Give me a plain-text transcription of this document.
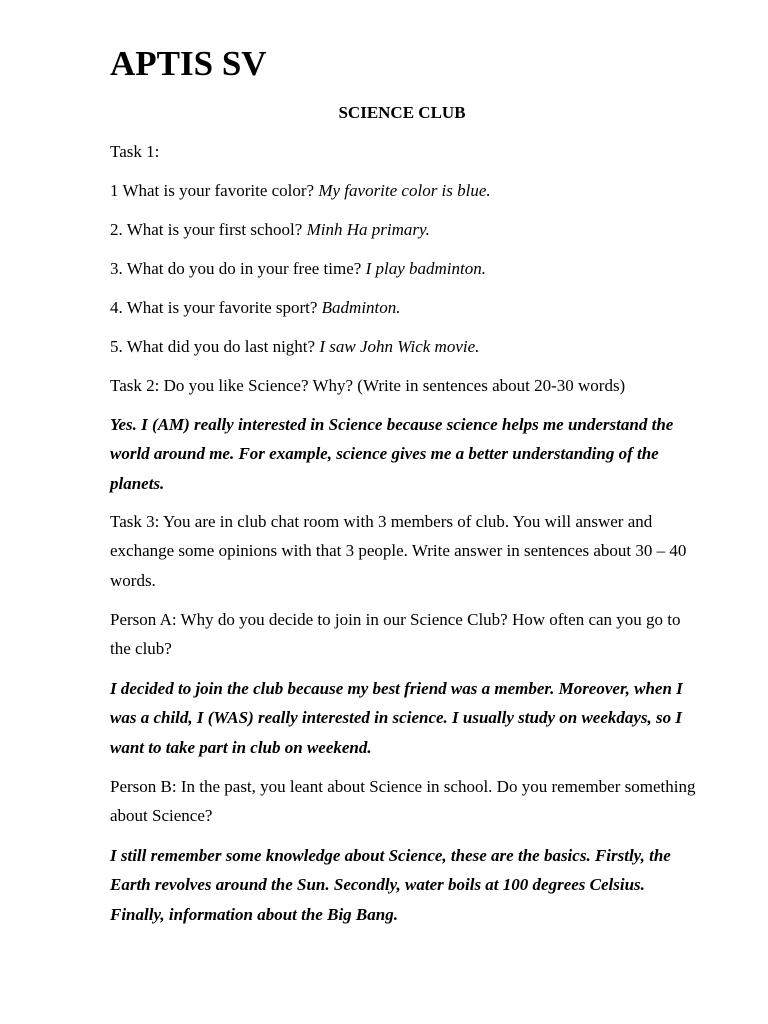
APTIS SV
SCIENCE CLUB

Task 1:

1 What is your favorite color? My favorite color is blue.

2. What is your first school? Minh Ha primary.

3. What do you do in your free time? I play badminton.

4. What is your favorite sport? Badminton.

5. What did you do last night? I saw John Wick movie.

Task 2: Do you like Science? Why? (Write in sentences about 20-30 words)

Yes. I (AM) really interested in Science because science helps me understand the world around me. For example, science gives me a better understanding of the planets.

Task 3: You are in club chat room with 3 members of club. You will answer and exchange some opinions with that 3 people. Write answer in sentences about 30 – 40 words.

Person A: Why do you decide to join in our Science Club? How often can you go to the club?

I decided to join the club because my best friend was a member. Moreover, when I was a child, I (WAS) really interested in science. I usually study on weekdays, so I want to take part in club on weekend.

Person B: In the past, you leant about Science in school. Do you remember something about Science?

I still remember some knowledge about Science, these are the basics. Firstly, the Earth revolves around the Sun. Secondly, water boils at 100 degrees Celsius. Finally, information about the Big Bang.
